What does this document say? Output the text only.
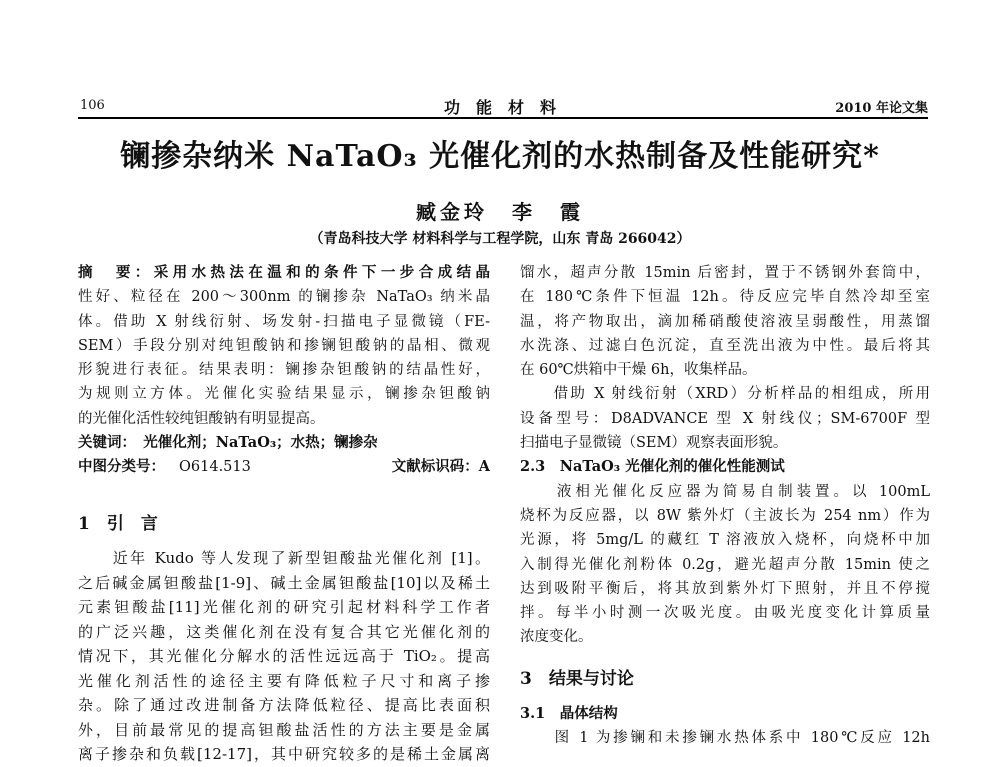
106	功　能　材　料	2010 年论文集
镧掺杂纳米 NaTaO₃ 光催化剂的水热制备及性能研究*
臧金玲　李　霞
（青岛科技大学 材料科学与工程学院，山东 青岛 266042）
摘　要：采用水热法在温和的条件下一步合成结晶
性好、粒径在 200～300nm 的镧掺杂 NaTaO₃ 纳米晶
体。借助 X 射线衍射、场发射-扫描电子显微镜（FE-
SEM）手段分别对纯钽酸钠和掺镧钽酸钠的晶相、微观
形貌进行表征。结果表明：镧掺杂钽酸钠的结晶性好，
为规则立方体。光催化实验结果显示，镧掺杂钽酸钠
的光催化活性较纯钽酸钠有明显提高。
关键词：　光催化剂；NaTaO₃；水热；镧掺杂
中图分类号： O614.513	文献标识码：A
1　引　言
　　近年 Kudo 等人发现了新型钽酸盐光催化剂 [1]。
之后碱金属钽酸盐[1-9]、碱土金属钽酸盐[10]以及稀土
元素钽酸盐[11]光催化剂的研究引起材料科学工作者
的广泛兴趣，这类催化剂在没有复合其它光催化剂的
情况下，其光催化分解水的活性远远高于 TiO₂。提高
光催化剂活性的途径主要有降低粒子尺寸和离子掺
杂。除了通过改进制备方法降低粒径、提高比表面积
外，目前最常见的提高钽酸盐活性的方法主要是金属
离子掺杂和负载[12-17]，其中研究较多的是稀土金属离
馏水，超声分散 15min 后密封，置于不锈钢外套筒中，
在 180℃条件下恒温 12h。待反应完毕自然冷却至室
温，将产物取出，滴加稀硝酸使溶液呈弱酸性，用蒸馏
水洗涤、过滤白色沉淀，直至洗出液为中性。最后将其
在 60℃烘箱中干燥 6h，收集样品。
　　借助 X 射线衍射（XRD）分析样品的相组成，所用
设备型号：D8ADVANCE 型 X 射线仪；SM-6700F 型
扫描电子显微镜（SEM）观察表面形貌。
2.3　NaTaO₃ 光催化剂的催化性能测试
　　液相光催化反应器为简易自制装置。以 100mL
烧杯为反应器，以 8W 紫外灯（主波长为 254 nm）作为
光源，将 5mg/L 的藏红 T 溶液放入烧杯，向烧杯中加
入制得光催化剂粉体 0.2g，避光超声分散 15min 使之
达到吸附平衡后，将其放到紫外灯下照射，并且不停搅
拌。每半小时测一次吸光度。由吸光度变化计算质量
浓度变化。
3　结果与讨论
3.1　晶体结构
　　图 1 为掺镧和未掺镧水热体系中 180℃反应 12h
